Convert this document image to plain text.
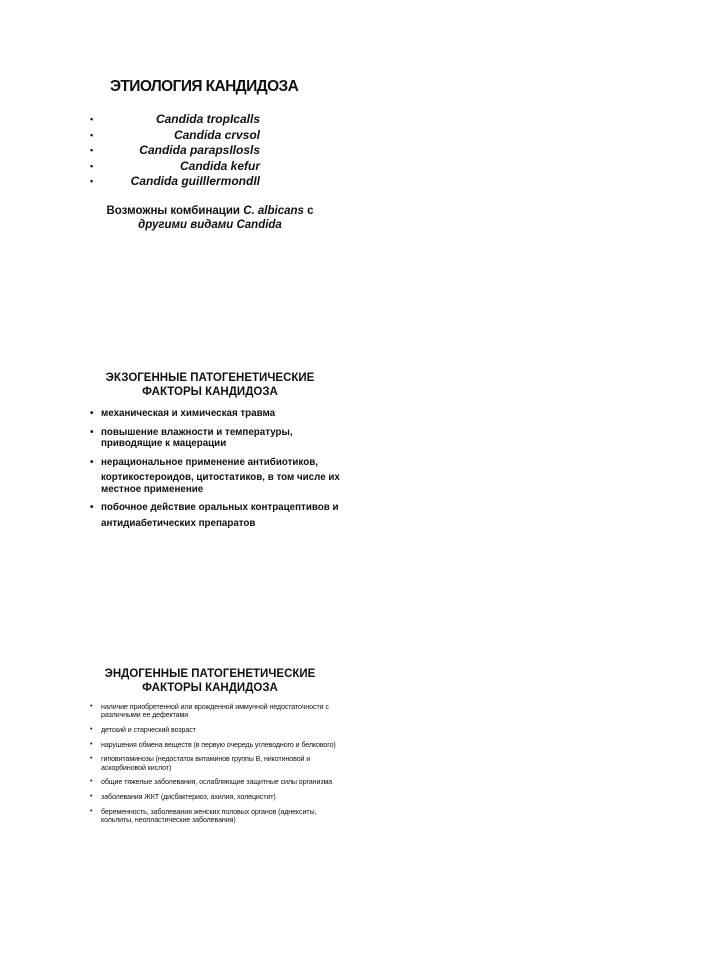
ЭТИОЛОГИЯ КАНДИДОЗА
•	Candida tropIcalls
•	Candida crvsol
•	Candida parapsIlosls
•	Candida kefur
•	Candida guiIllermondIl
Возможны комбинации C. albicans с
другими видами Candida
ЭКЗОГЕННЫЕ ПАТОГЕНЕТИЧЕСКИЕ
ФАКТОРЫ КАНДИДОЗА
• механическая и химическая травма
• повышение влажности и температуры, приводящие к мацерации
• нерациональное применение антибиотиков,
кортикостероидов, цитостатиков, в том числе их местное применение
• побочное действие оральных контрацептивов и
антидиабетических препаратов
ЭНДОГЕННЫЕ ПАТОГЕНЕТИЧЕСКИЕ
ФАКТОРЫ КАНДИДОЗА
• наличие приобретенной или врожденной иммунной недостаточности с различными ее дефектами
• детский и старческий возраст
• нарушения обмена веществ (в первую очередь углеводного и белкового)
• гиповитаминозы (недостаток витаминов группы В, никотиновой и аскорбиновой кислот)
• общие тяжелые заболевания, ослабляющие защитные силы организма
• заболевания ЖКТ (дисбактериоз, ахилия, холецистит)
• беременность, заболевания женских половых органов (аднекситы, кольпиты, неопластические заболевания)
